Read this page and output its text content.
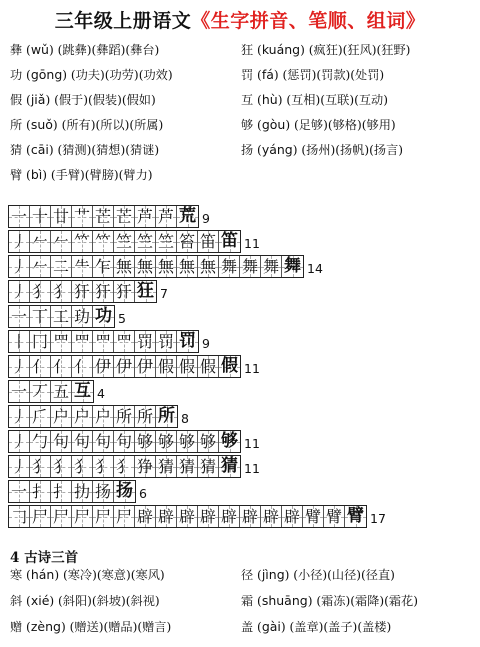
三年级上册语文《生字拼音、笔顺、组词》
一 十 廿 艹 芒 芒 芦 芦 荒 9
丿 𠂉 𠂉 𥫗 𥫗 竺 竺 竺 笞 笛 笛 11
丿 𠂉 二 ⺧ 乍 無 無 無 無 無 舞 舞 舞 舞 14
丿 犭 犭 犴 犴 犴 狂 7
一 丅 工 玏 功 5
丨 冂 罒 罒 罒 罒 罚 罚 罚 9
丿 亻 亻 亻 伊 伊 伊 假 假 假 假 11
一 丆 五 互 4
丿 𠂆 户 户 户 所 所 所 8
丿 勹 句 句 句 句 够 够 够 够 够 11
丿 犭 犭 犭 犭 犭 狰 猜 猜 猜 猜 11
一 扌 扌 扐 扬 扬 6
𠃌 尸 尸 尸 尸 尸 辟 辟 辟 辟 辟 辟 辟 辟 臂 臂 臂 17
4 古诗三首
彝 (wǔ) (跳彝)(彝蹈)(彝台)	狂 (kuáng) (疯狂)(狂风)(狂野)
功 (gōng) (功夫)(功劳)(功效)	罚 (fá) (惩罚)(罚款)(处罚)
假 (jiǎ) (假于)(假装)(假如)	互 (hù) (互相)(互联)(互动)
所 (suǒ) (所有)(所以)(所属)	够 (gòu) (足够)(够格)(够用)
猜 (cāi) (猜测)(猜想)(猜谜)	扬 (yáng) (扬州)(扬帆)(扬言)
臂 (bì) (手臂)(臂膀)(臂力)
寒 (hán) (寒冷)(寒意)(寒风)	径 (jìng) (小径)(山径)(径直)
斜 (xié) (斜阳)(斜坡)(斜视)	霜 (shuāng) (霜冻)(霜降)(霜花)
赠 (zèng) (赠送)(赠品)(赠言)	盖 (gài) (盖章)(盖子)(盖楼)
